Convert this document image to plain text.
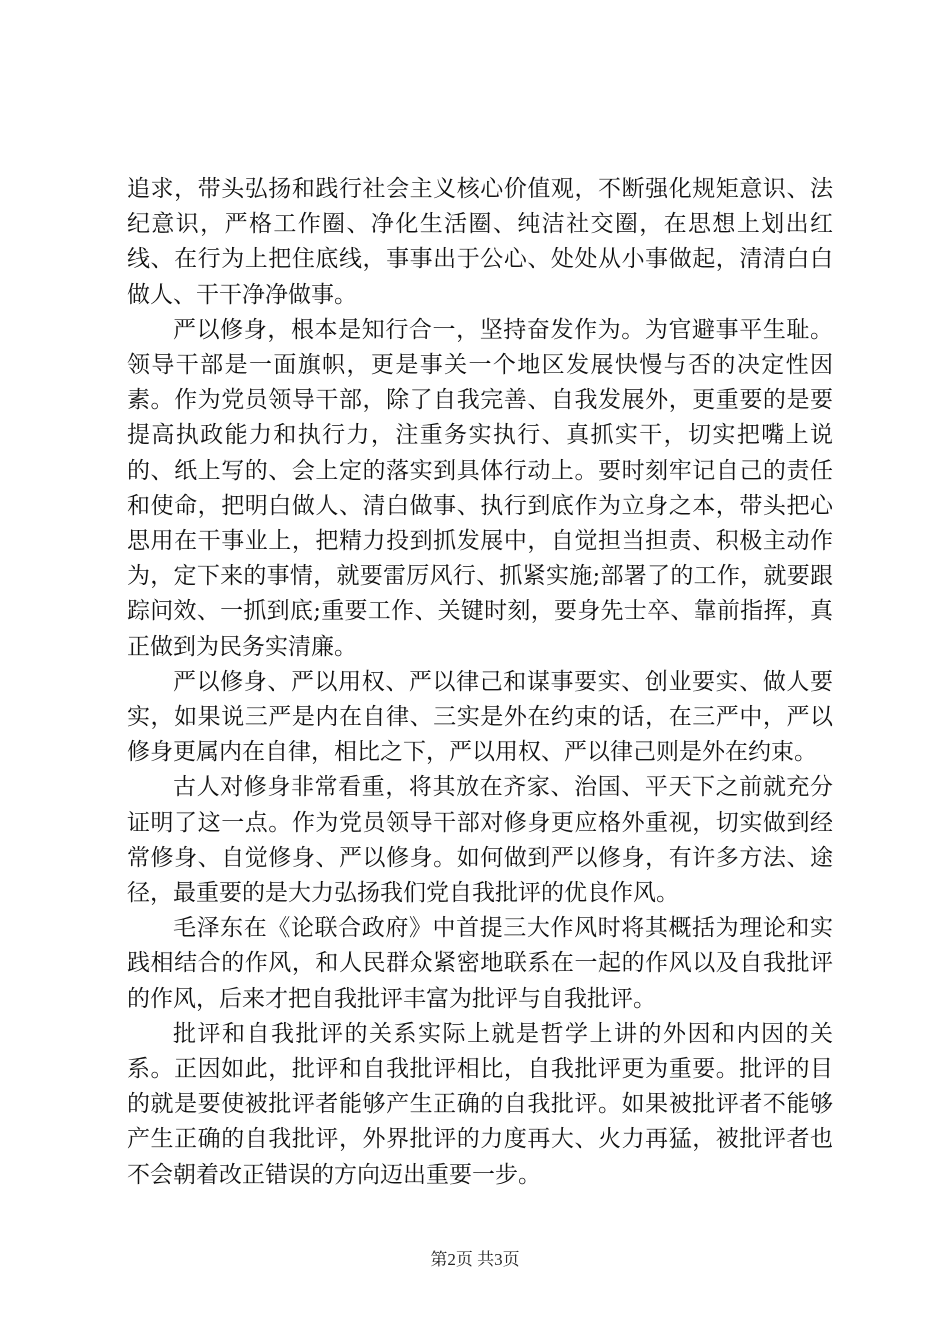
追求，带头弘扬和践行社会主义核心价值观，不断强化规矩意识、法纪意识，严格工作圈、净化生活圈、纯洁社交圈，在思想上划出红线、在行为上把住底线，事事出于公心、处处从小事做起，清清白白做人、干干净净做事。

严以修身，根本是知行合一，坚持奋发作为。为官避事平生耻。领导干部是一面旗帜，更是事关一个地区发展快慢与否的决定性因素。作为党员领导干部，除了自我完善、自我发展外，更重要的是要提高执政能力和执行力，注重务实执行、真抓实干，切实把嘴上说的、纸上写的、会上定的落实到具体行动上。要时刻牢记自己的责任和使命，把明白做人、清白做事、执行到底作为立身之本，带头把心思用在干事业上，把精力投到抓发展中，自觉担当担责、积极主动作为，定下来的事情，就要雷厉风行、抓紧实施;部署了的工作，就要跟踪问效、一抓到底;重要工作、关键时刻，要身先士卒、靠前指挥，真正做到为民务实清廉。

严以修身、严以用权、严以律己和谋事要实、创业要实、做人要实，如果说三严是内在自律、三实是外在约束的话，在三严中，严以修身更属内在自律，相比之下，严以用权、严以律己则是外在约束。

古人对修身非常看重，将其放在齐家、治国、平天下之前就充分证明了这一点。作为党员领导干部对修身更应格外重视，切实做到经常修身、自觉修身、严以修身。如何做到严以修身，有许多方法、途径，最重要的是大力弘扬我们党自我批评的优良作风。

毛泽东在《论联合政府》中首提三大作风时将其概括为理论和实践相结合的作风，和人民群众紧密地联系在一起的作风以及自我批评的作风，后来才把自我批评丰富为批评与自我批评。

批评和自我批评的关系实际上就是哲学上讲的外因和内因的关系。正因如此，批评和自我批评相比，自我批评更为重要。批评的目的就是要使被批评者能够产生正确的自我批评。如果被批评者不能够产生正确的自我批评，外界批评的力度再大、火力再猛，被批评者也不会朝着改正错误的方向迈出重要一步。

第2页 共3页
